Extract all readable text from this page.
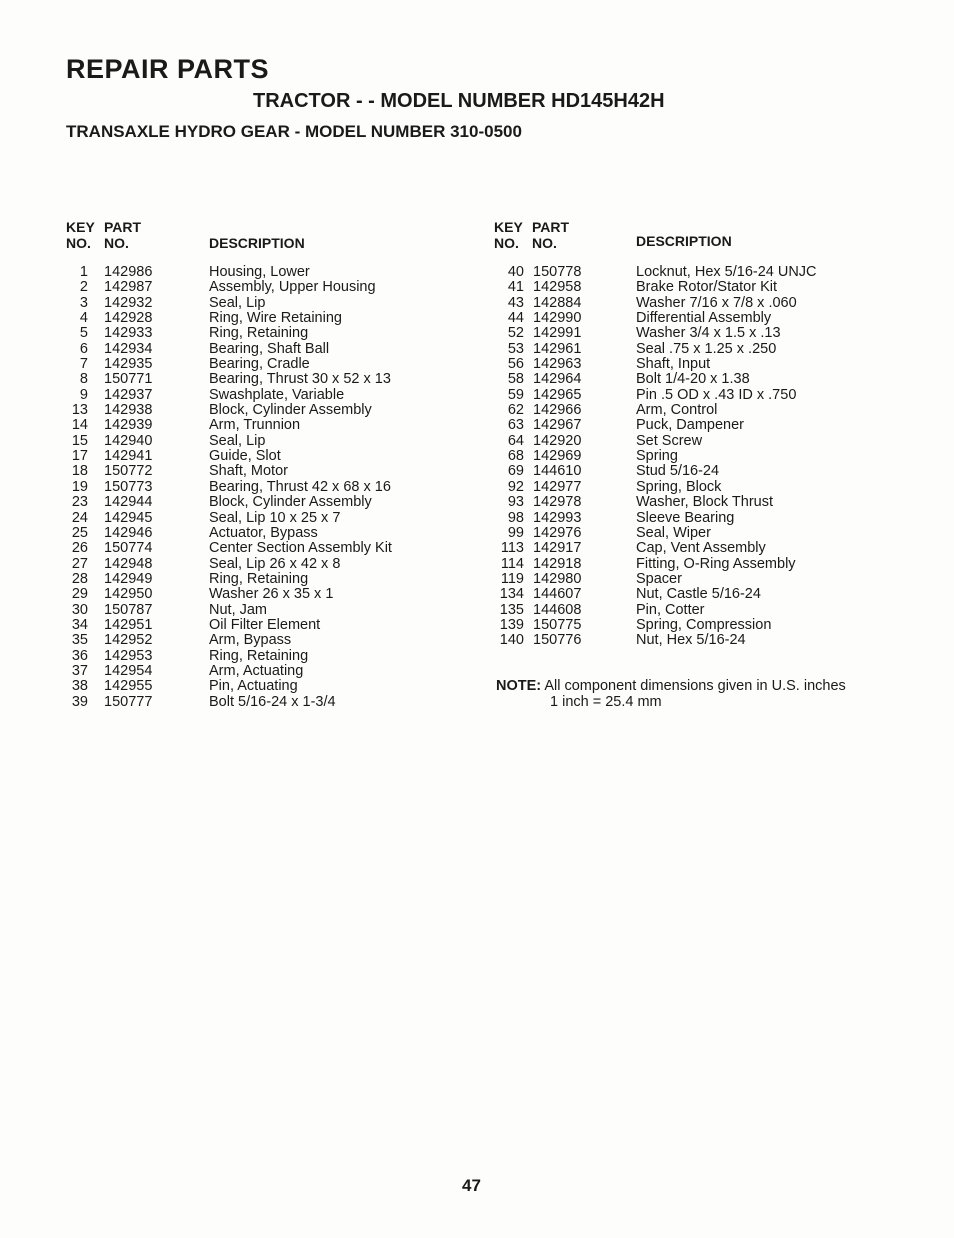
REPAIR PARTS
TRACTOR - - MODEL NUMBER HD145H42H
TRANSAXLE HYDRO GEAR - MODEL NUMBER 310-0500
KEY
NO.
PART
NO.	DESCRIPTION
1 142986	Housing, Lower
2 142987	Assembly, Upper Housing
3 142932	Seal, Lip
4 142928	Ring, Wire Retaining
5 142933	Ring, Retaining
6 142934	Bearing, Shaft Ball
7 142935	Bearing, Cradle
8 150771	Bearing, Thrust 30 x 52 x 13
9 142937	Swashplate, Variable
13 142938	Block, Cylinder Assembly
14 142939	Arm, Trunnion
15 142940	Seal, Lip
17 142941	Guide, Slot
18 150772	Shaft, Motor
19 150773	Bearing, Thrust 42 x 68 x 16
23 142944	Block, Cylinder Assembly
24 142945	Seal, Lip 10 x 25 x 7
25 142946	Actuator, Bypass
26 150774	Center Section Assembly Kit
27 142948	Seal, Lip 26 x 42 x 8
28 142949	Ring, Retaining
29 142950	Washer 26 x 35 x 1
30 150787	Nut, Jam
34 142951	Oil Filter Element
35 142952	Arm, Bypass
36 142953	Ring, Retaining
37 142954	Arm, Actuating
38 142955	Pin, Actuating
39 150777	Bolt 5/16-24 x 1-3/4
KEY
NO.
PART
NO.	DESCRIPTION
40 150778	Locknut, Hex 5/16-24 UNJC
41 142958	Brake Rotor/Stator Kit
43 142884	Washer 7/16 x 7/8 x .060
44 142990	Differential Assembly
52 142991	Washer 3/4 x 1.5 x .13
53 142961	Seal .75 x 1.25 x .250
56 142963	Shaft, Input
58 142964	Bolt 1/4-20 x 1.38
59 142965	Pin .5 OD x .43 ID x .750
62 142966	Arm, Control
63 142967	Puck, Dampener
64 142920	Set Screw
68 142969	Spring
69 144610	Stud 5/16-24
92 142977	Spring, Block
93 142978	Washer, Block Thrust
98 142993	Sleeve Bearing
99 142976	Seal, Wiper
113 142917	Cap, Vent Assembly
114 142918	Fitting, O-Ring Assembly
119 142980	Spacer
134 144607	Nut, Castle 5/16-24
135 144608	Pin, Cotter
139 150775	Spring, Compression
140 150776	Nut, Hex 5/16-24
NOTE: All component dimensions given in U.S. inches
1 inch = 25.4 mm
47
